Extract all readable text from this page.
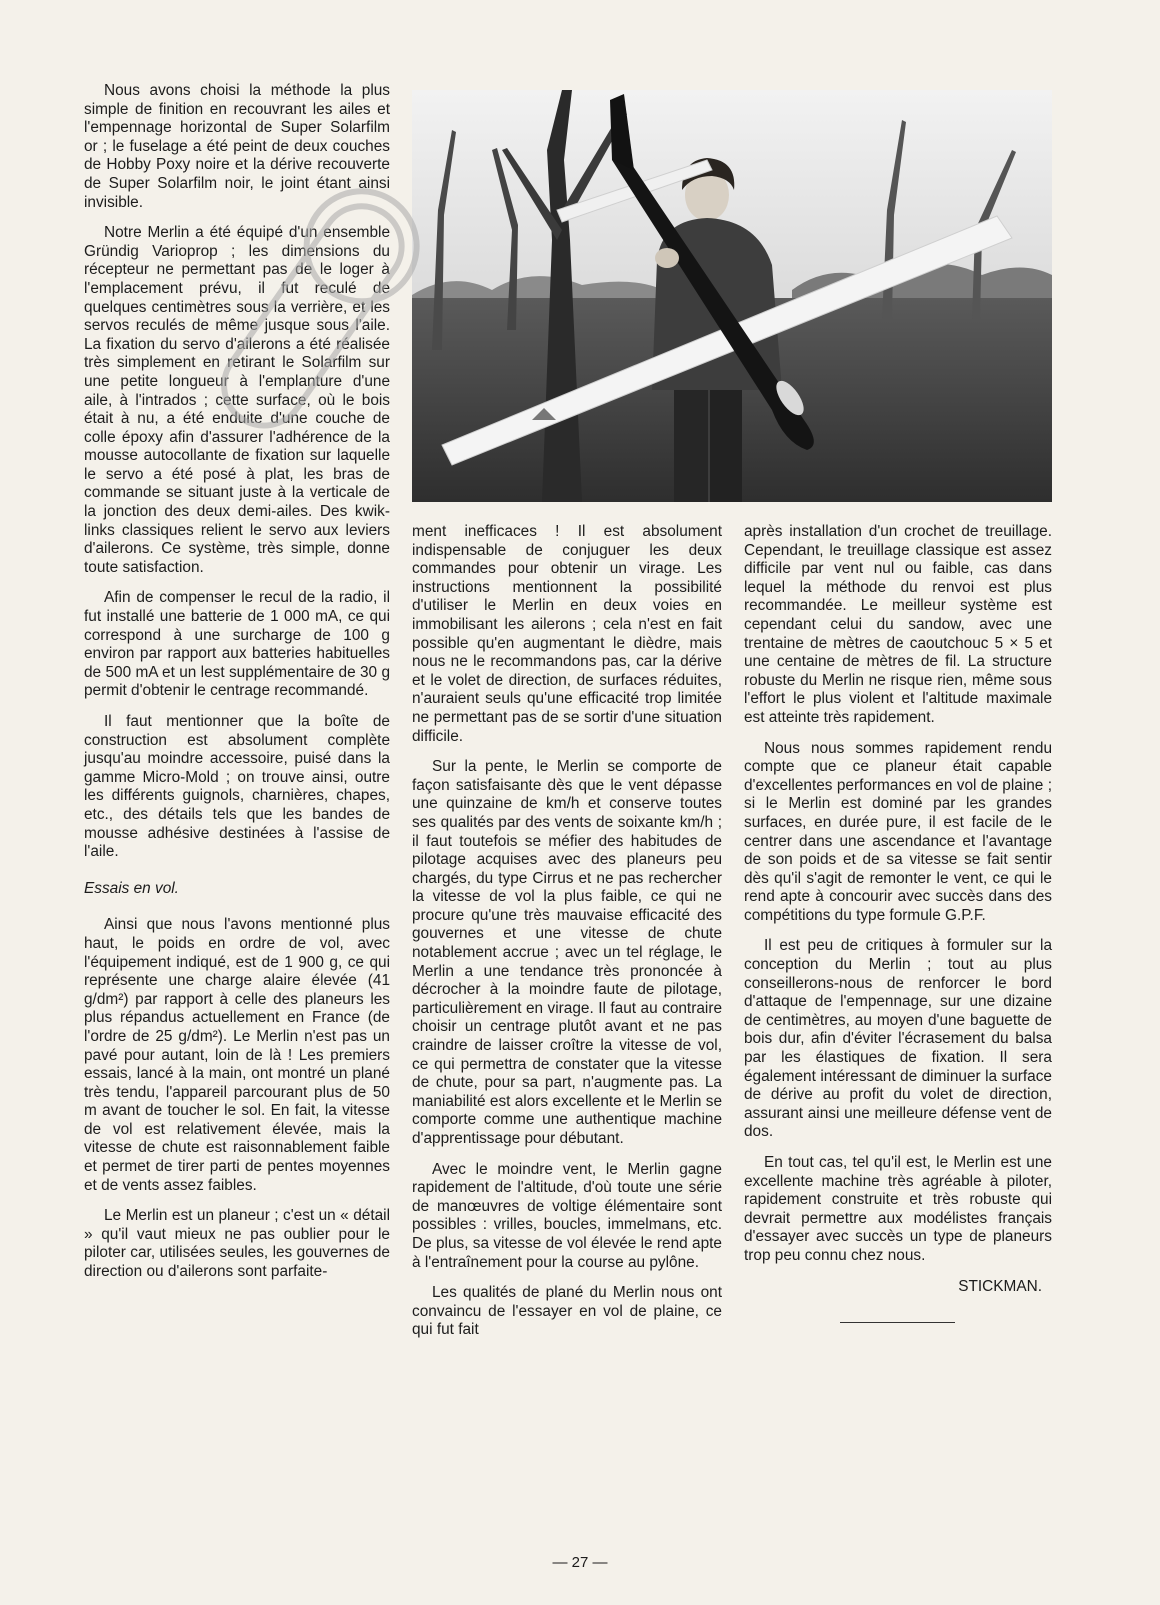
Nous avons choisi la méthode la plus simple de finition en recouvrant les ailes et l'empennage horizontal de Super Solarfilm or ; le fuselage a été peint de deux couches de Hobby Poxy noire et la dérive recouverte de Super Solarfilm noir, le joint étant ainsi invisible.

Notre Merlin a été équipé d'un ensemble Gründig Varioprop ; les dimensions du récepteur ne permettant pas de le loger à l'emplacement prévu, il fut reculé de quelques centimètres sous la verrière, et les servos reculés de même jusque sous l'aile. La fixation du servo d'ailerons a été réalisée très simplement en retirant le Solarfilm sur une petite longueur à l'emplanture d'une aile, à l'intrados ; cette surface, où le bois était à nu, a été enduite d'une couche de colle époxy afin d'assurer l'adhérence de la mousse autocollante de fixation sur laquelle le servo a été posé à plat, les bras de commande se situant juste à la verticale de la jonction des deux demi-ailes. Des kwik-links classiques relient le servo aux leviers d'ailerons. Ce système, très simple, donne toute satisfaction.

Afin de compenser le recul de la radio, il fut installé une batterie de 1 000 mA, ce qui correspond à une surcharge de 100 g environ par rapport aux batteries habituelles de 500 mA et un lest supplémentaire de 30 g permit d'obtenir le centrage recommandé.

Il faut mentionner que la boîte de construction est absolument complète jusqu'au moindre accessoire, puisé dans la gamme Micro-Mold ; on trouve ainsi, outre les différents guignols, charnières, chapes, etc., des détails tels que les bandes de mousse adhésive destinées à l'assise de l'aile.

Essais en vol.

Ainsi que nous l'avons mentionné plus haut, le poids en ordre de vol, avec l'équipement indiqué, est de 1 900 g, ce qui représente une charge alaire élevée (41 g/dm²) par rapport à celle des planeurs les plus répandus actuellement en France (de l'ordre de 25 g/dm²). Le Merlin n'est pas un pavé pour autant, loin de là ! Les premiers essais, lancé à la main, ont montré un plané très tendu, l'appareil parcourant plus de 50 m avant de toucher le sol. En fait, la vitesse de vol est relativement élevée, mais la vitesse de chute est raisonnablement faible et permet de tirer parti de pentes moyennes et de vents assez faibles.

Le Merlin est un planeur ; c'est un « détail » qu'il vaut mieux ne pas oublier pour le piloter car, utilisées seules, les gouvernes de direction ou d'ailerons sont parfaite-

ment inefficaces ! Il est absolument indispensable de conjuguer les deux commandes pour obtenir un virage. Les instructions mentionnent la possibilité d'utiliser le Merlin en deux voies en immobilisant les ailerons ; cela n'est en fait possible qu'en augmentant le dièdre, mais nous ne le recommandons pas, car la dérive et le volet de direction, de surfaces réduites, n'auraient seuls qu'une efficacité trop limitée ne permettant pas de se sortir d'une situation difficile.

Sur la pente, le Merlin se comporte de façon satisfaisante dès que le vent dépasse une quinzaine de km/h et conserve toutes ses qualités par des vents de soixante km/h ; il faut toutefois se méfier des habitudes de pilotage acquises avec des planeurs peu chargés, du type Cirrus et ne pas rechercher la vitesse de vol la plus faible, ce qui ne procure qu'une très mauvaise efficacité des gouvernes et une vitesse de chute notablement accrue ; avec un tel réglage, le Merlin a une tendance très prononcée à décrocher à la moindre faute de pilotage, particulièrement en virage. Il faut au contraire choisir un centrage plutôt avant et ne pas craindre de laisser croître la vitesse de vol, ce qui permettra de constater que la vitesse de chute, pour sa part, n'augmente pas. La maniabilité est alors excellente et le Merlin se comporte comme une authentique machine d'apprentissage pour débutant.

Avec le moindre vent, le Merlin gagne rapidement de l'altitude, d'où toute une série de manœuvres de voltige élémentaire sont possibles : vrilles, boucles, immelmans, etc. De plus, sa vitesse de vol élevée le rend apte à l'entraînement pour la course au pylône.

Les qualités de plané du Merlin nous ont convaincu de l'essayer en vol de plaine, ce qui fut fait

après installation d'un crochet de treuillage. Cependant, le treuillage classique est assez difficile par vent nul ou faible, cas dans lequel la méthode du renvoi est plus recommandée. Le meilleur système est cependant celui du sandow, avec une trentaine de mètres de caoutchouc 5 × 5 et une centaine de mètres de fil. La structure robuste du Merlin ne risque rien, même sous l'effort le plus violent et l'altitude maximale est atteinte très rapidement.

Nous nous sommes rapidement rendu compte que ce planeur était capable d'excellentes performances en vol de plaine ; si le Merlin est dominé par les grandes surfaces, en durée pure, il est facile de le centrer dans une ascendance et l'avantage de son poids et de sa vitesse se fait sentir dès qu'il s'agit de remonter le vent, ce qui le rend apte à concourir avec succès dans des compétitions du type formule G.P.F.

Il est peu de critiques à formuler sur la conception du Merlin ; tout au plus conseillerons-nous de renforcer le bord d'attaque de l'empennage, sur une dizaine de centimètres, au moyen d'une baguette de bois dur, afin d'éviter l'écrasement du balsa par les élastiques de fixation. Il sera également intéressant de diminuer la surface de dérive au profit du volet de direction, assurant ainsi une meilleure défense vent de dos.

En tout cas, tel qu'il est, le Merlin est une excellente machine très agréable à piloter, rapidement construite et très robuste qui devrait permettre aux modélistes français d'essayer avec succès un type de planeurs trop peu connu chez nous.

STICKMAN.

— 27 —
